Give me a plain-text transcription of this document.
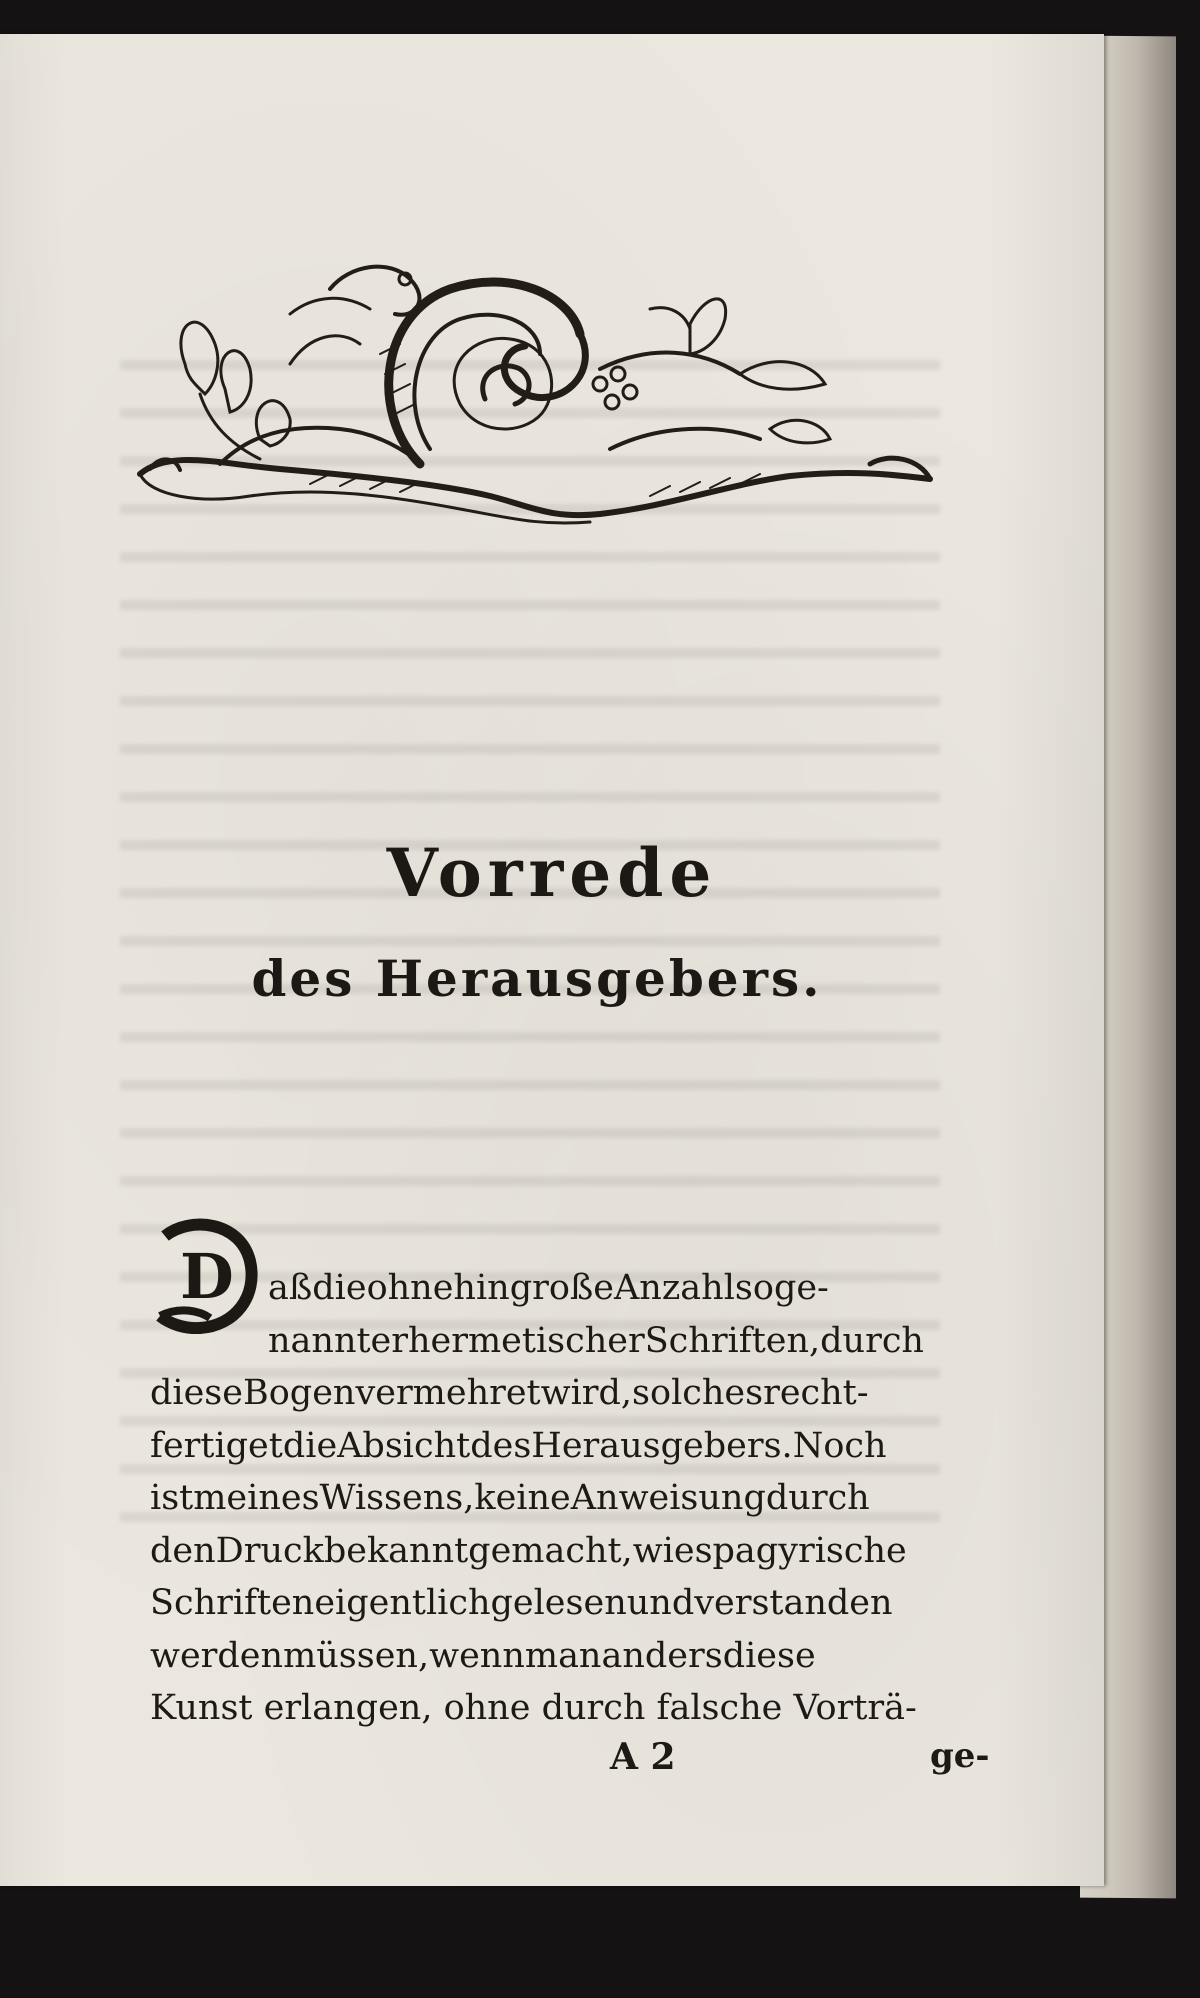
Vorrede
des Herausgebers.
D aßdieohnehingroßeAnzahlsoge-
nannterhermetischerSchriften,durch
dieseBogenvermehretwird,solchesrecht-
fertigetdieAbsichtdesHerausgebers.Noch
istmeinesWissens,keineAnweisungdurch
denDruckbekanntgemacht,wiespagyrische
Schrifteneigentlichgelesenundverstanden
werdenmüssen,wennmanandersdiese
Kunst erlangen, ohne durch falsche Vorträ-
A 2	ge-
